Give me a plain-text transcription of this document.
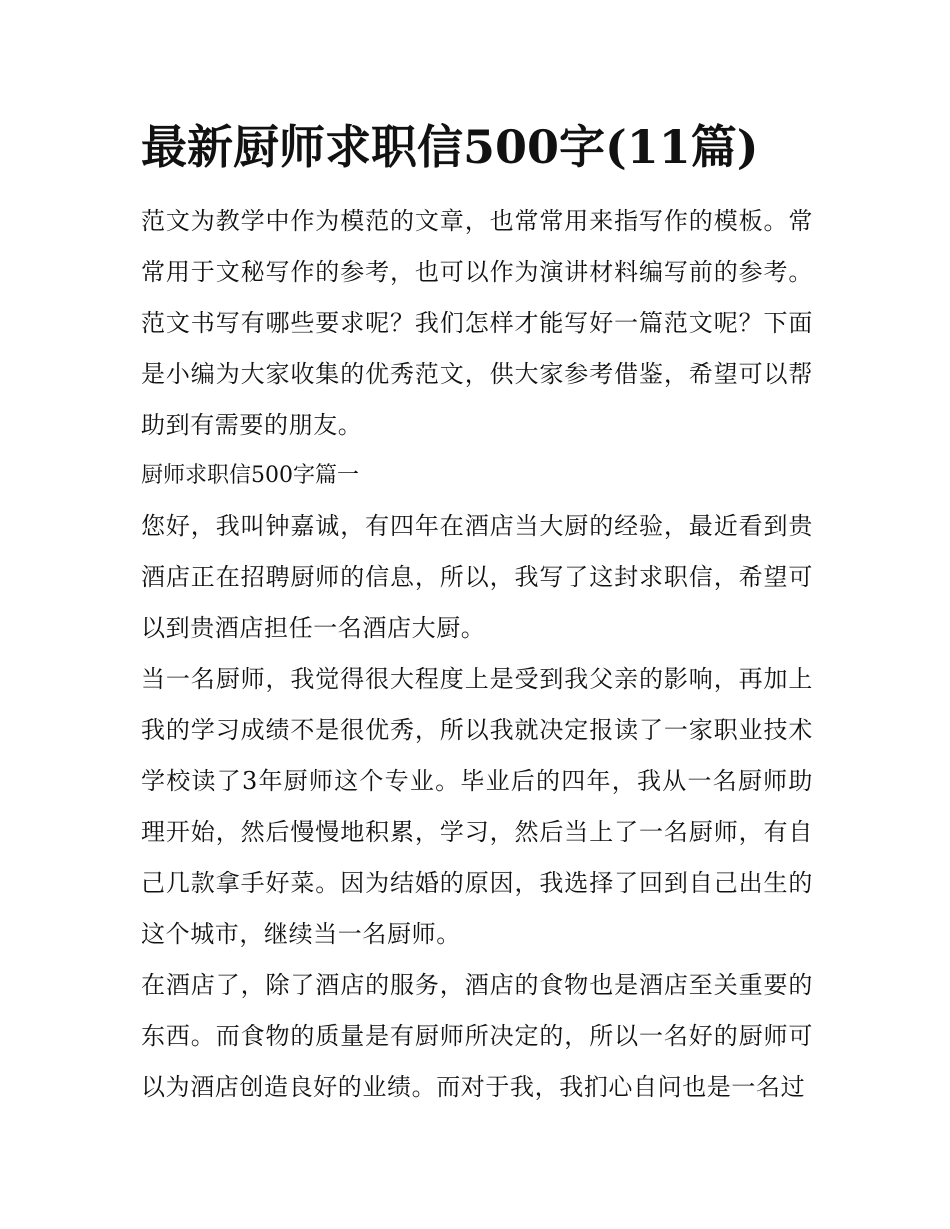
最新厨师求职信500字(11篇)

范文为教学中作为模范的文章，也常常用来指写作的模板。常常用于文秘写作的参考，也可以作为演讲材料编写前的参考。范文书写有哪些要求呢？我们怎样才能写好一篇范文呢？下面是小编为大家收集的优秀范文，供大家参考借鉴，希望可以帮助到有需要的朋友。

厨师求职信500字篇一

您好，我叫钟嘉诚，有四年在酒店当大厨的经验，最近看到贵酒店正在招聘厨师的信息，所以，我写了这封求职信，希望可以到贵酒店担任一名酒店大厨。

当一名厨师，我觉得很大程度上是受到我父亲的影响，再加上我的学习成绩不是很优秀，所以我就决定报读了一家职业技术学校读了3年厨师这个专业。毕业后的四年，我从一名厨师助理开始，然后慢慢地积累，学习，然后当上了一名厨师，有自己几款拿手好菜。因为结婚的原因，我选择了回到自己出生的这个城市，继续当一名厨师。

在酒店了，除了酒店的服务，酒店的食物也是酒店至关重要的东西。而食物的质量是有厨师所决定的，所以一名好的厨师可以为酒店创造良好的业绩。而对于我，我扪心自问也是一名过
